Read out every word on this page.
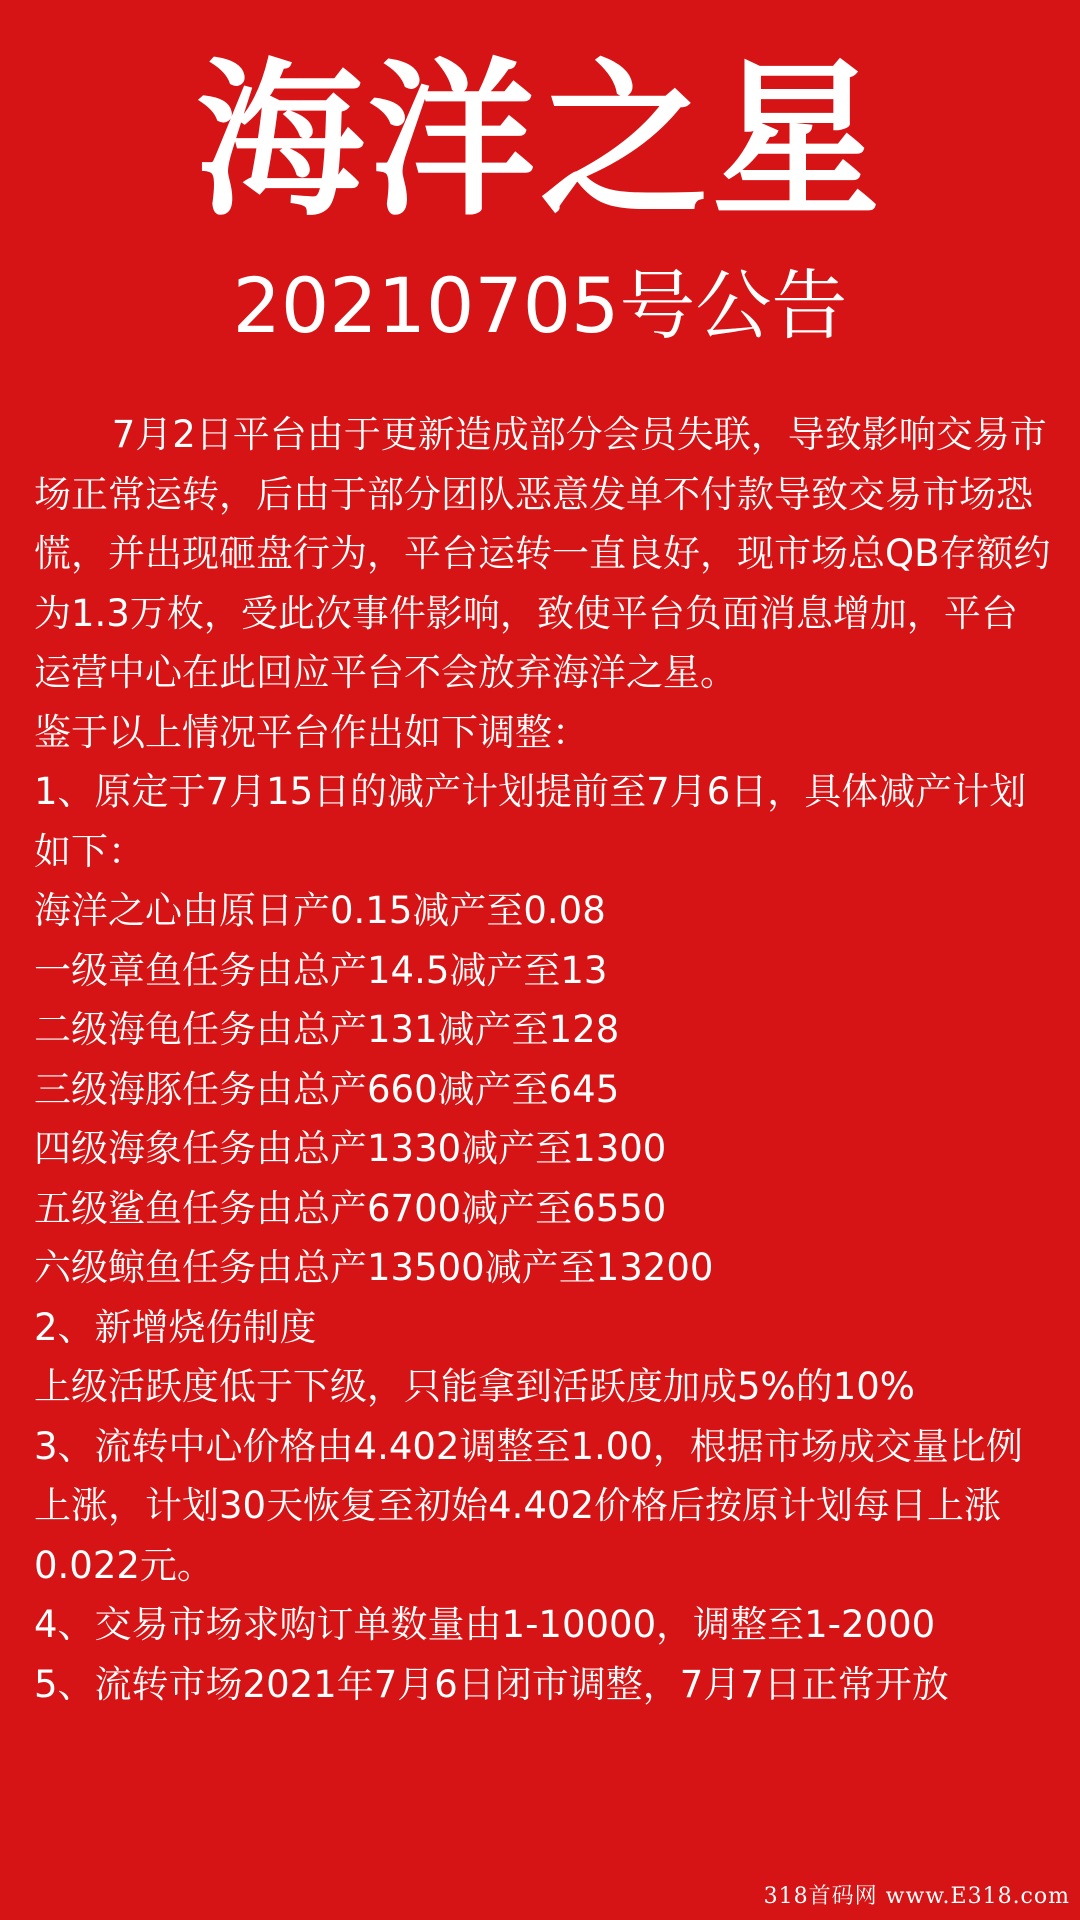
海洋之星
20210705号公告

7月2日平台由于更新造成部分会员失联，导致影响交易市场正常运转，后由于部分团队恶意发单不付款导致交易市场恐慌，并出现砸盘行为，平台运转一直良好，现市场总QB存额约为1.3万枚，受此次事件影响，致使平台负面消息增加，平台运营中心在此回应平台不会放弃海洋之星。

鉴于以上情况平台作出如下调整：

1、原定于7月15日的减产计划提前至7月6日，具体减产计划如下：

海洋之心由原日产0.15减产至0.08

一级章鱼任务由总产14.5减产至13

二级海龟任务由总产131减产至128

三级海豚任务由总产660减产至645

四级海象任务由总产1330减产至1300

五级鲨鱼任务由总产6700减产至6550

六级鲸鱼任务由总产13500减产至13200

2、新增烧伤制度

上级活跃度低于下级，只能拿到活跃度加成5%的10%

3、流转中心价格由4.402调整至1.00，根据市场成交量比例上涨，计划30天恢复至初始4.402价格后按原计划每日上涨0.022元。

4、交易市场求购订单数量由1-10000，调整至1-2000

5、流转市场2021年7月6日闭市调整，7月7日正常开放

318首码网 www.E318.com
